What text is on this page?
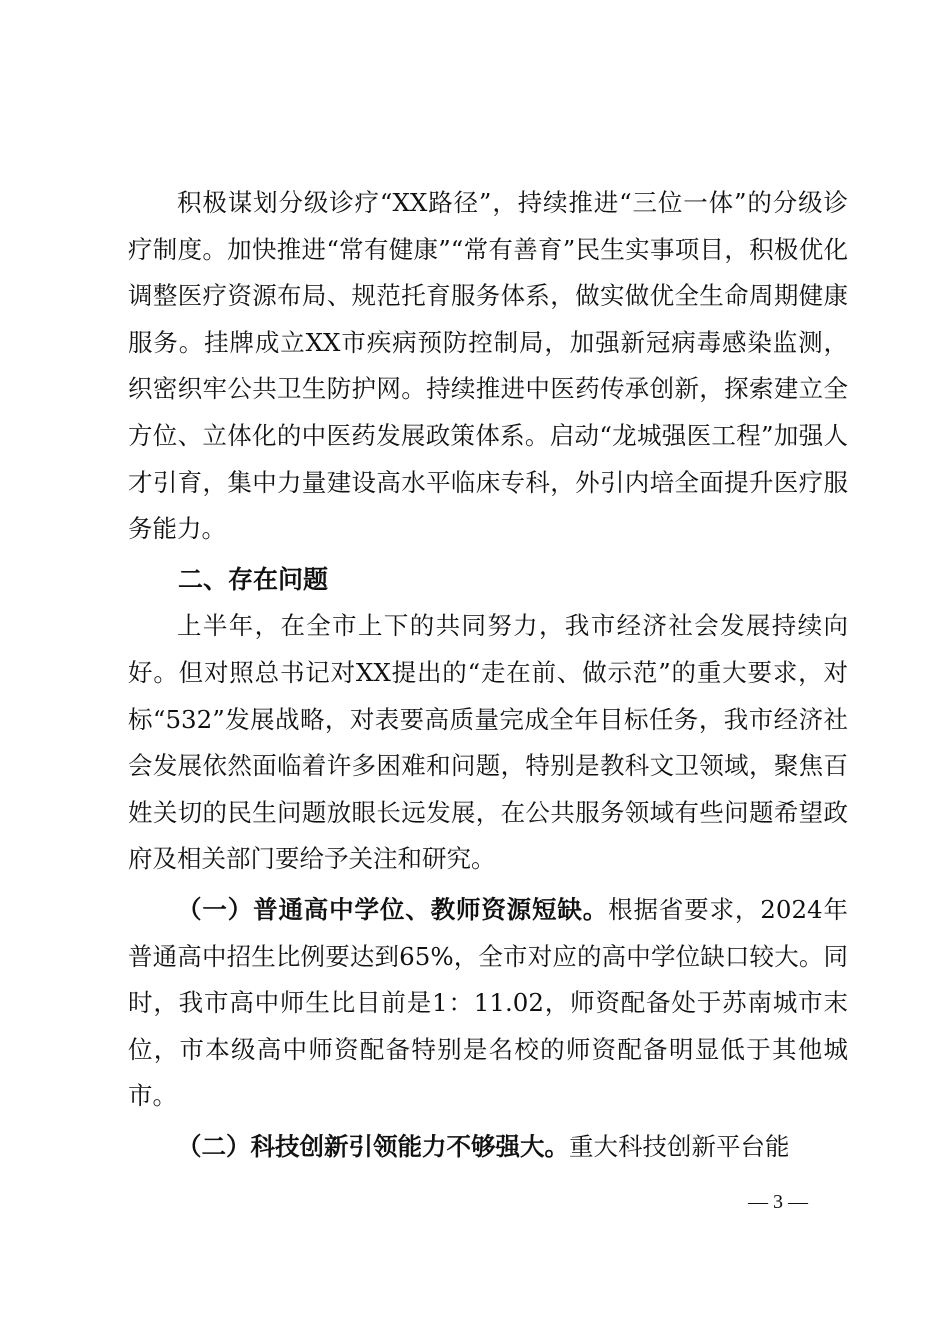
积极谋划分级诊疗“XX路径”，持续推进“三位一体”的分级诊疗制度。加快推进“常有健康”“常有善育”民生实事项目，积极优化调整医疗资源布局、规范托育服务体系，做实做优全生命周期健康服务。挂牌成立XX市疾病预防控制局，加强新冠病毒感染监测，织密织牢公共卫生防护网。持续推进中医药传承创新，探索建立全方位、立体化的中医药发展政策体系。启动“龙城强医工程”加强人才引育，集中力量建设高水平临床专科，外引内培全面提升医疗服务能力。

二、存在问题

上半年，在全市上下的共同努力，我市经济社会发展持续向好。但对照总书记对XX提出的“走在前、做示范”的重大要求，对标“532”发展战略，对表要高质量完成全年目标任务，我市经济社会发展依然面临着许多困难和问题，特别是教科文卫领域，聚焦百姓关切的民生问题放眼长远发展，在公共服务领域有些问题希望政府及相关部门要给予关注和研究。

（一）普通高中学位、教师资源短缺。根据省要求，2024年普通高中招生比例要达到65%，全市对应的高中学位缺口较大。同时，我市高中师生比目前是1：11.02，师资配备处于苏南城市末位，市本级高中师资配备特别是名校的师资配备明显低于其他城市。

（二）科技创新引领能力不够强大。重大科技创新平台能

— 3 —
